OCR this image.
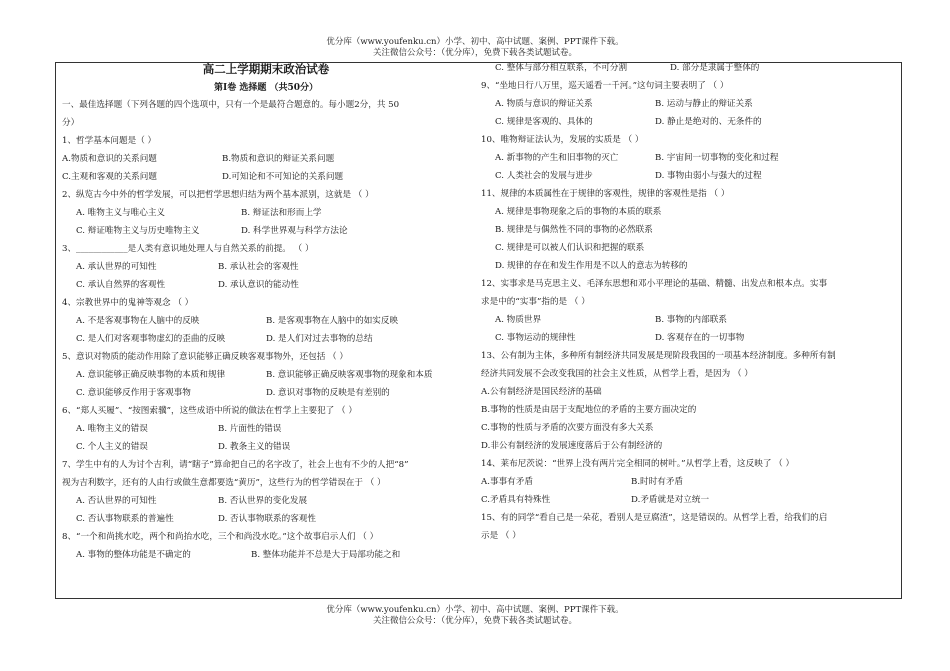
优分库（www.youfenku.cn）小学、初中、高中试题、案例、PPT课件下载。
关注微信公众号：（优分库），免费下载各类试题试卷。
高二上学期期末政治试卷
第Ⅰ卷 选择题 （共50分）
一、最佳选择题（下列各题的四个选项中，只有一个是最符合题意的。每小题2分，共 50
分）
1、哲学基本问题是（ ）
A.物质和意识的关系问题	B.物质和意识的辩证关系问题
C.主观和客观的关系问题	D.可知论和不可知论的关系问题
2、纵览古今中外的哲学发展，可以把哲学思想归结为两个基本派别，这就是 （ ）
A. 唯物主义与唯心主义	B. 辩证法和形而上学
C. 辩证唯物主义与历史唯物主义	D. 科学世界观与科学方法论
3、____________是人类有意识地处理人与自然关系的前提。 （ ）
A. 承认世界的可知性	B. 承认社会的客观性
C. 承认自然界的客观性	D. 承认意识的能动性
4、宗教世界中的鬼神等观念 （ ）
A. 不是客观事物在人脑中的反映	B. 是客观事物在人脑中的如实反映
C. 是人们对客观事物虚幻的歪曲的反映	D. 是人们对过去事物的总结
5、意识对物质的能动作用除了意识能够正确反映客观事物外，还包括 （ ）
A. 意识能够正确反映事物的本质和规律	B. 意识能够正确反映客观事物的现象和本质
C. 意识能够反作用于客观事物	D. 意识对事物的反映是有差别的
6、“郑人买履”、“按图索骥”，这些成语中所说的做法在哲学上主要犯了 （ ）
A. 唯物主义的错误	B. 片面性的错误
C. 个人主义的错误	D. 教条主义的错误
7、学生中有的人为讨个吉利，请“瞎子”算命把自己的名字改了，社会上也有不少的人把“8”
视为吉利数字，还有的人由行或做生意都要选“黄历”，这些行为的哲学错误在于 （ ）
A. 否认世界的可知性	B. 否认世界的变化发展
C. 否认事物联系的普遍性	D. 否认事物联系的客观性
8、“一个和尚挑水吃，两个和尚抬水吃，三个和尚没水吃。”这个故事启示人们 （ ）
A. 事物的整体功能是不确定的	B. 整体功能并不总是大于局部功能之和
C. 整体与部分相互联系，不可分割	D. 部分是隶属于整体的
9、“坐地日行八万里，巡天遥看一千河。”这句词主要表明了 （ ）
A. 物质与意识的辩证关系	B. 运动与静止的辩证关系
C. 规律是客观的、具体的	D. 静止是绝对的、无条件的
10、唯物辩证法认为，发展的实质是 （ ）
A. 新事物的产生和旧事物的灭亡	B. 宇宙间一切事物的变化和过程
C. 人类社会的发展与进步	D. 事物由弱小与强大的过程
11、规律的本质属性在于规律的客观性，规律的客观性是指 （ ）
A. 规律是事物现象之后的事物的本质的联系
B. 规律是与偶然性不同的事物的必然联系
C. 规律是可以被人们认识和把握的联系
D. 规律的存在和发生作用是不以人的意志为转移的
12、实事求是马克思主义、毛泽东思想和邓小平理论的基础、精髓、出发点和根本点。实事
求是中的“实事”指的是 （ ）
A. 物质世界	B. 事物的内部联系
C. 事物运动的规律性	D. 客观存在的一切事物
13、公有制为主体，多种所有制经济共同发展是现阶段我国的一项基本经济制度。多种所有制
经济共同发展不会改变我国的社会主义性质，从哲学上看，是因为 （ ）
A.公有制经济是国民经济的基础
B.事物的性质是由居于支配地位的矛盾的主要方面决定的
C.事物的性质与矛盾的次要方面没有多大关系
D.非公有制经济的发展速度落后于公有制经济的
14、莱布尼茨说：“世界上没有两片完全相同的树叶。”从哲学上看，这反映了 （ ）
A.事事有矛盾	B.时时有矛盾
C.矛盾具有特殊性	D.矛盾就是对立统一
15、有的同学“看自己是一朵花，看别人是豆腐渣”，这是错误的。从哲学上看，给我们的启
示是 （ ）
优分库（www.youfenku.cn）小学、初中、高中试题、案例、PPT课件下载。
关注微信公众号：（优分库），免费下载各类试题试卷。
